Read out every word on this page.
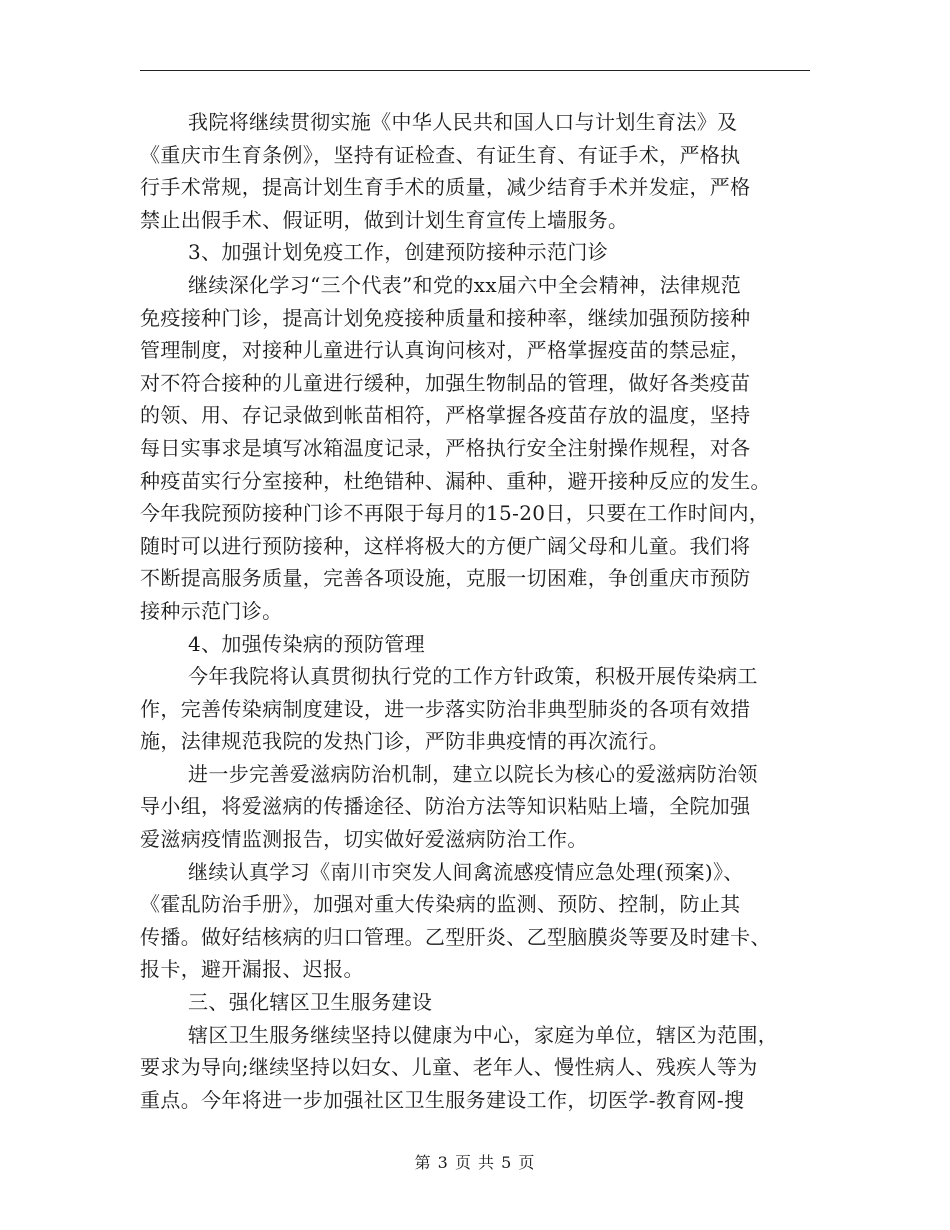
我院将继续贯彻实施《中华人民共和国人口与计划生育法》及
《重庆市生育条例》，坚持有证检查、有证生育、有证手术，严格执
行手术常规，提高计划生育手术的质量，减少结育手术并发症，严格
禁止出假手术、假证明，做到计划生育宣传上墙服务。
3、加强计划免疫工作，创建预防接种示范门诊
继续深化学习“三个代表”和党的xx届六中全会精神，法律规范
免疫接种门诊，提高计划免疫接种质量和接种率，继续加强预防接种
管理制度，对接种儿童进行认真询问核对，严格掌握疫苗的禁忌症，
对不符合接种的儿童进行缓种，加强生物制品的管理，做好各类疫苗
的领、用、存记录做到帐苗相符，严格掌握各疫苗存放的温度，坚持
每日实事求是填写冰箱温度记录，严格执行安全注射操作规程，对各
种疫苗实行分室接种，杜绝错种、漏种、重种，避开接种反应的发生。
今年我院预防接种门诊不再限于每月的15-20日，只要在工作时间内，
随时可以进行预防接种，这样将极大的方便广阔父母和儿童。我们将
不断提高服务质量，完善各项设施，克服一切困难，争创重庆市预防
接种示范门诊。
4、加强传染病的预防管理
今年我院将认真贯彻执行党的工作方针政策，积极开展传染病工
作，完善传染病制度建设，进一步落实防治非典型肺炎的各项有效措
施，法律规范我院的发热门诊，严防非典疫情的再次流行。
进一步完善爱滋病防治机制，建立以院长为核心的爱滋病防治领
导小组，将爱滋病的传播途径、防治方法等知识粘贴上墙，全院加强
爱滋病疫情监测报告，切实做好爱滋病防治工作。
继续认真学习《南川市突发人间禽流感疫情应急处理(预案)》、
《霍乱防治手册》，加强对重大传染病的监测、预防、控制，防止其
传播。做好结核病的归口管理。乙型肝炎、乙型脑膜炎等要及时建卡、
报卡，避开漏报、迟报。
三、强化辖区卫生服务建设
辖区卫生服务继续坚持以健康为中心，家庭为单位，辖区为范围，
要求为导向;继续坚持以妇女、儿童、老年人、慢性病人、残疾人等为
重点。今年将进一步加强社区卫生服务建设工作，切医学-教育网-搜
第 3 页 共 5 页
